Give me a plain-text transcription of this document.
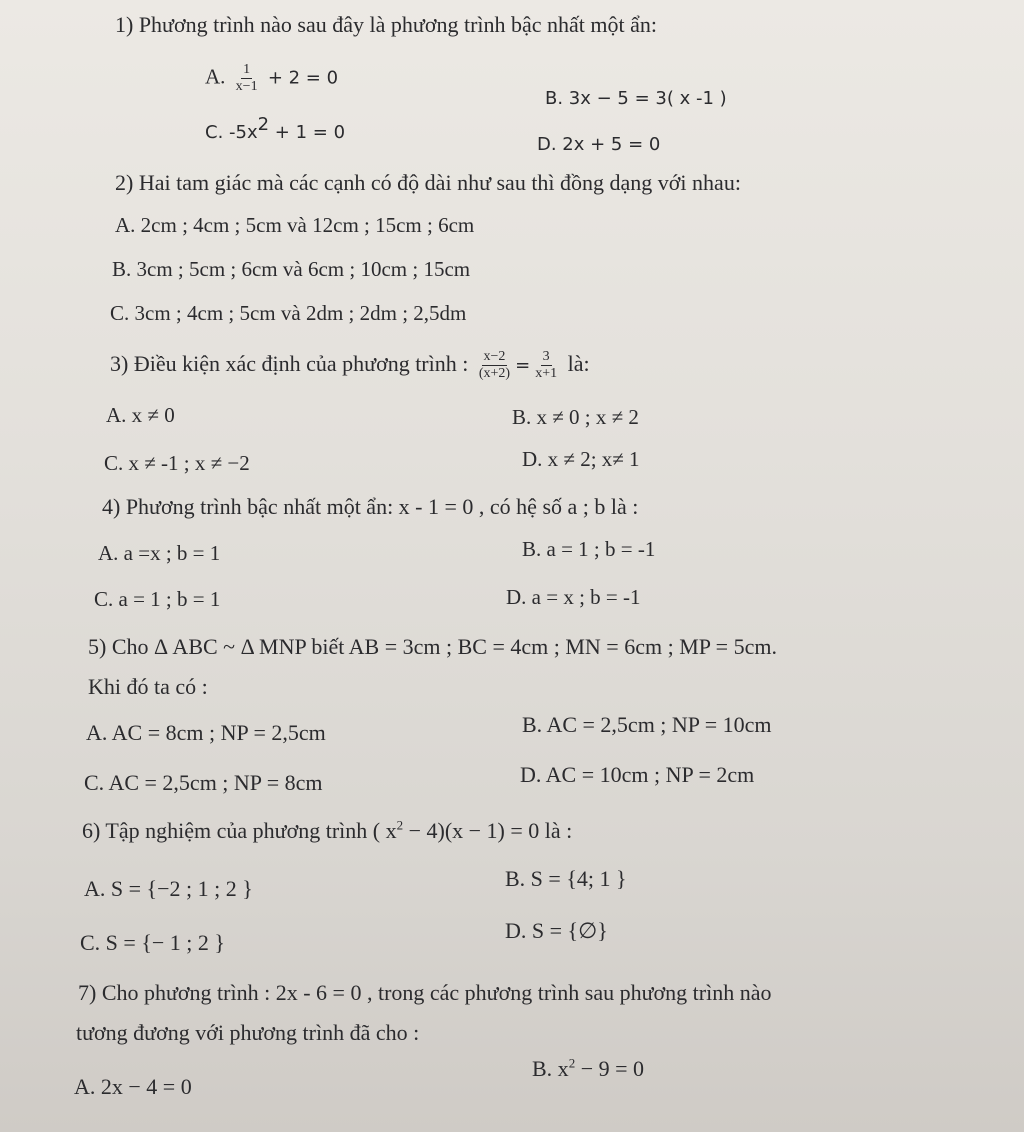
1) Phương trình nào sau đây là phương trình bậc nhất một ẩn:
A. $\frac{1}{x-1} + 2 = 0$
B. 3x − 5 = 3( x -1 )
C. $-5x^2 + 1 = 0$
D. 2x + 5 = 0
2) Hai tam giác mà các cạnh có độ dài như sau thì đồng dạng với nhau:
A. 2cm ; 4cm ; 5cm và 12cm ; 15cm ; 6cm
B. 3cm ; 5cm ; 6cm và 6cm ; 10cm ; 15cm
C. 3cm ; 4cm ; 5cm và 2dm ; 2dm ; 2,5dm
3) Điều kiện xác định của phương trình : $\frac{x-2}{(x+2)} = \frac{3}{x+1}$ là:
A. x ≠ 0	B. x ≠ 0 ; x ≠ 2
C. x ≠ -1 ; x ≠ −2	D. x ≠ 2; x≠ 1
4) Phương trình bậc nhất một ẩn: x - 1 = 0 , có hệ số a ; b là :
A. a =x ; b = 1	B. a = 1 ; b = -1
C. a = 1 ; b = 1	D. a = x ; b = -1
5) Cho Δ ABC ~ Δ MNP biết AB = 3cm ; BC = 4cm ; MN = 6cm ; MP = 5cm.
Khi đó ta có :
A. AC = 8cm ; NP = 2,5cm	B. AC = 2,5cm ; NP = 10cm
C. AC = 2,5cm ; NP = 8cm	D. AC = 10cm ; NP = 2cm
6) Tập nghiệm của phương trình ( $x^2 - 4)(x - 1) = 0$ là :
A. S = {−2 ; 1 ; 2 }	B. S = {4; 1 }
C. S = {− 1 ; 2 }	D. S = {∅}
7) Cho phương trình : 2x - 6 = 0 , trong các phương trình sau phương trình nào
tương đương với phương trình đã cho :
A. 2x − 4 = 0
B. $x^2 - 9 = 0$
